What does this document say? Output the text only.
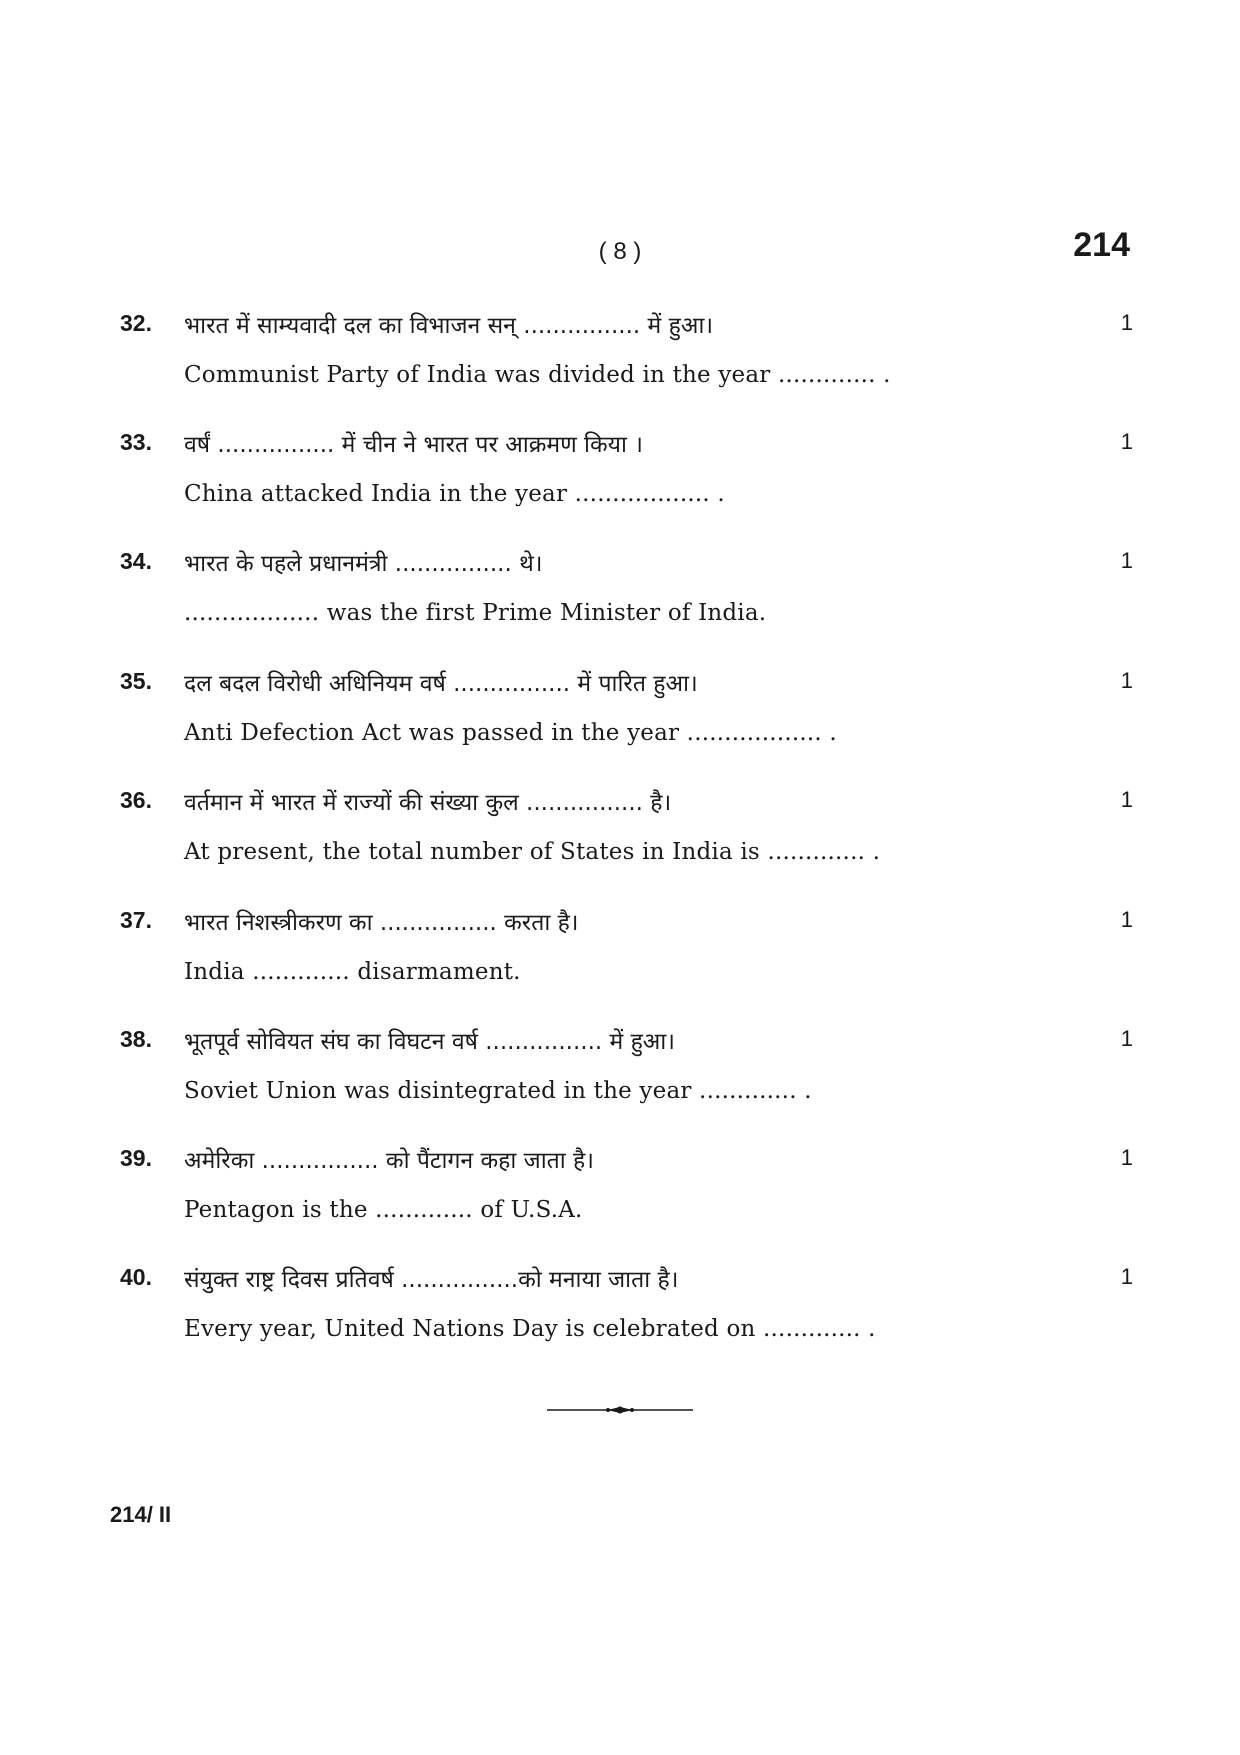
( 8 )	214
32. भारत में साम्यवादी दल का विभाजन सन् ................ में हुआ।	1
Communist Party of India was divided in the year ............. .
33. वर्षं ................ में चीन ने भारत पर आक्रमण किया ।	1
China attacked India in the year .................. .
34. भारत के पहले प्रधानमंत्री ................ थे।	1
.................. was the first Prime Minister of India.
35. दल बदल विरोधी अधिनियम वर्ष ................ में पारित हुआ।	1
Anti Defection Act was passed in the year .................. .
36. वर्तमान में भारत में राज्यों की संख्या कुल ................ है।	1
At present, the total number of States in India is ............. .
37. भारत निशस्त्रीकरण का ................ करता है।	1
India ............. disarmament.
38. भूतपूर्व सोवियत संघ का विघटन वर्ष ................ में हुआ।	1
Soviet Union was disintegrated in the year ............. .
39. अमेरिका ................ को पैंटागन कहा जाता है।	1
Pentagon is the ............. of U.S.A.
40. संयुक्त राष्ट्र दिवस प्रतिवर्ष ................को मनाया जाता है।	1
Every year, United Nations Day is celebrated on ............. .
214/ II
